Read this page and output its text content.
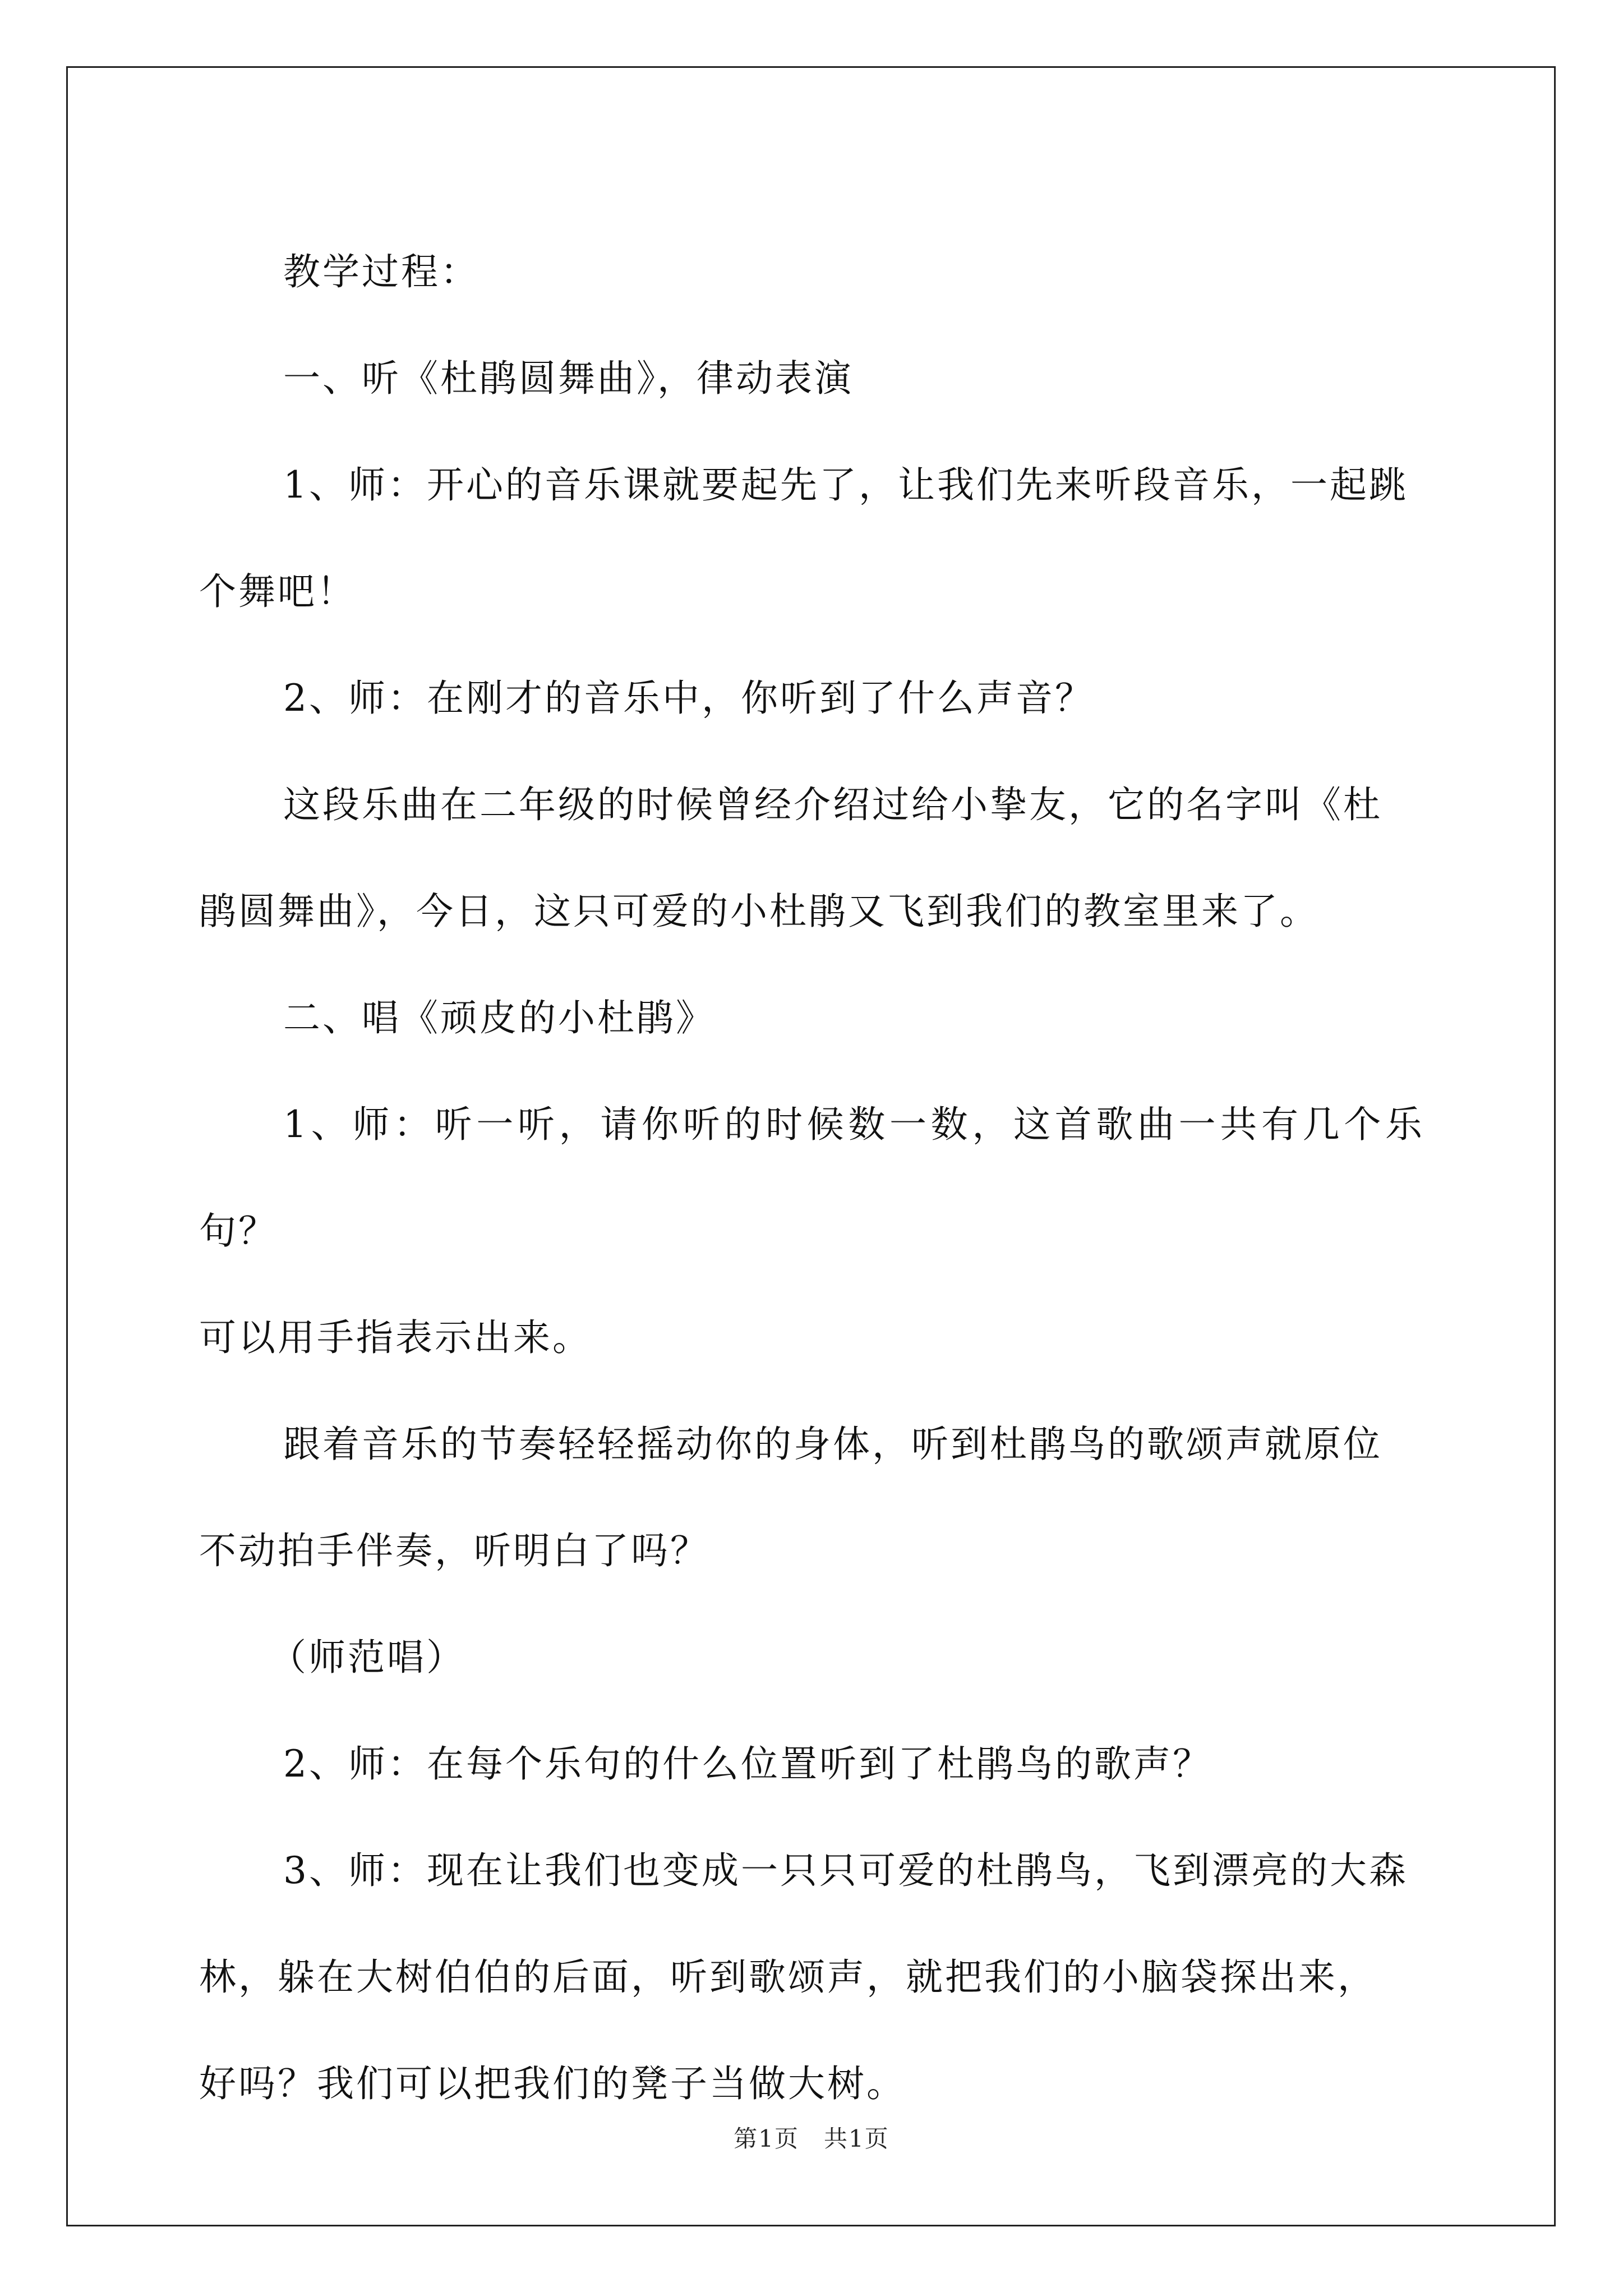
教学过程：

一、听《杜鹃圆舞曲》，律动表演

1、师：开心的音乐课就要起先了，让我们先来听段音乐，一起跳
个舞吧！

2、师：在刚才的音乐中，你听到了什么声音？

这段乐曲在二年级的时候曾经介绍过给小挚友，它的名字叫《杜
鹃圆舞曲》，今日，这只可爱的小杜鹃又飞到我们的教室里来了。

二、唱《顽皮的小杜鹃》

1、师：听一听，请你听的时候数一数，这首歌曲一共有几个乐句？
可以用手指表示出来。

跟着音乐的节奏轻轻摇动你的身体，听到杜鹃鸟的歌颂声就原位
不动拍手伴奏，听明白了吗？

（师范唱）

2、师：在每个乐句的什么位置听到了杜鹃鸟的歌声？

3、师：现在让我们也变成一只只可爱的杜鹃鸟，飞到漂亮的大森
林，躲在大树伯伯的后面，听到歌颂声，就把我们的小脑袋探出来，
好吗？我们可以把我们的凳子当做大树。

第1页　共1页
